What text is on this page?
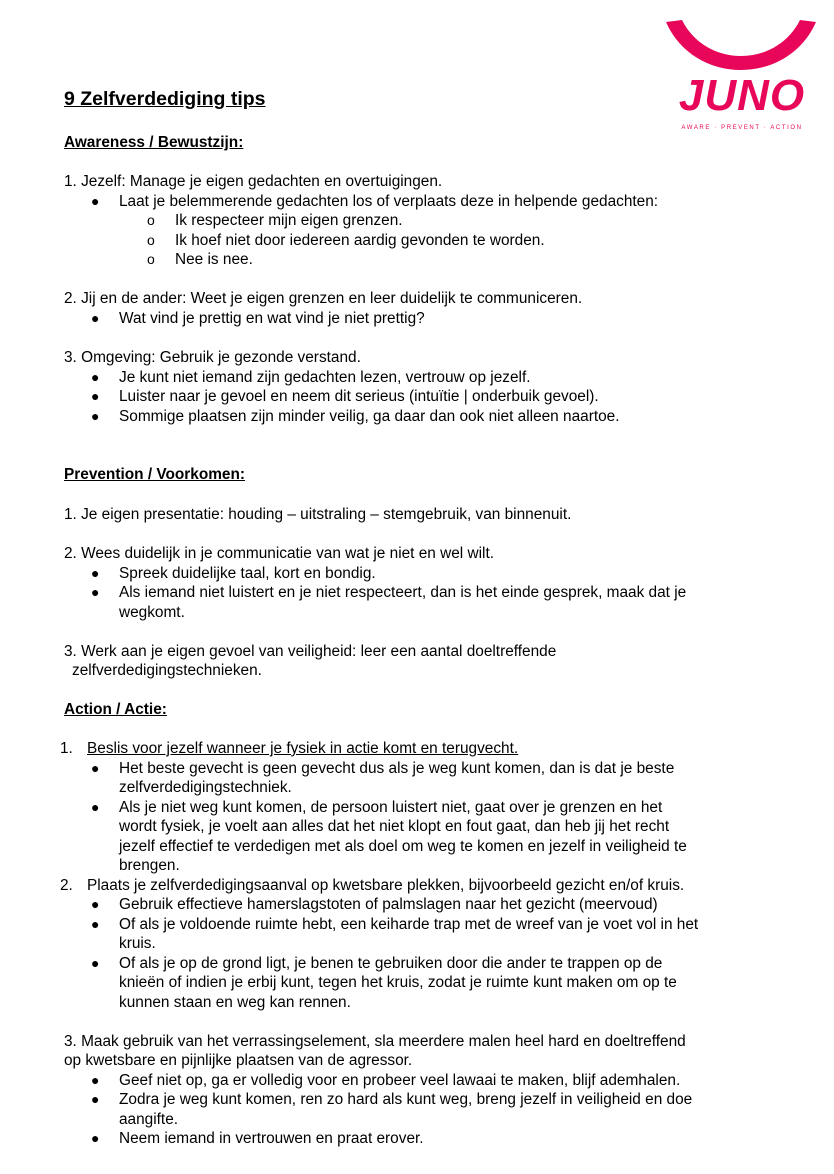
JUNO
AWARE · PREVENT · ACTION
9 Zelfverdediging tips
Awareness / Bewustzijn:
1. Jezelf: Manage je eigen gedachten en overtuigingen.
● Laat je belemmerende gedachten los of verplaats deze in helpende gedachten:
o Ik respecteer mijn eigen grenzen.
o Ik hoef niet door iedereen aardig gevonden te worden.
o Nee is nee.
2. Jij en de ander: Weet je eigen grenzen en leer duidelijk te communiceren.
● Wat vind je prettig en wat vind je niet prettig?
3. Omgeving: Gebruik je gezonde verstand.
● Je kunt niet iemand zijn gedachten lezen, vertrouw op jezelf.
● Luister naar je gevoel en neem dit serieus (intuïtie | onderbuik gevoel).
● Sommige plaatsen zijn minder veilig, ga daar dan ook niet alleen naartoe.
Prevention / Voorkomen:
1. Je eigen presentatie: houding – uitstraling – stemgebruik, van binnenuit.
2. Wees duidelijk in je communicatie van wat je niet en wel wilt.
● Spreek duidelijke taal, kort en bondig.
● Als iemand niet luistert en je niet respecteert, dan is het einde gesprek, maak dat je
wegkomt.
3. Werk aan je eigen gevoel van veiligheid: leer een aantal doeltreffende
zelfverdedigingstechnieken.
Action / Actie:
1. Beslis voor jezelf wanneer je fysiek in actie komt en terugvecht.
● Het beste gevecht is geen gevecht dus als je weg kunt komen, dan is dat je beste
zelfverdedigingstechniek.
● Als je niet weg kunt komen, de persoon luistert niet, gaat over je grenzen en het
wordt fysiek, je voelt aan alles dat het niet klopt en fout gaat, dan heb jij het recht
jezelf effectief te verdedigen met als doel om weg te komen en jezelf in veiligheid te
brengen.
2. Plaats je zelfverdedigingsaanval op kwetsbare plekken, bijvoorbeeld gezicht en/of kruis.
● Gebruik effectieve hamerslagstoten of palmslagen naar het gezicht (meervoud)
● Of als je voldoende ruimte hebt, een keiharde trap met de wreef van je voet vol in het
kruis.
● Of als je op de grond ligt, je benen te gebruiken door die ander te trappen op de
knieën of indien je erbij kunt, tegen het kruis, zodat je ruimte kunt maken om op te
kunnen staan en weg kan rennen.
3. Maak gebruik van het verrassingselement, sla meerdere malen heel hard en doeltreffend
op kwetsbare en pijnlijke plaatsen van de agressor.
● Geef niet op, ga er volledig voor en probeer veel lawaai te maken, blijf ademhalen.
● Zodra je weg kunt komen, ren zo hard als kunt weg, breng jezelf in veiligheid en doe
aangifte.
● Neem iemand in vertrouwen en praat erover.
